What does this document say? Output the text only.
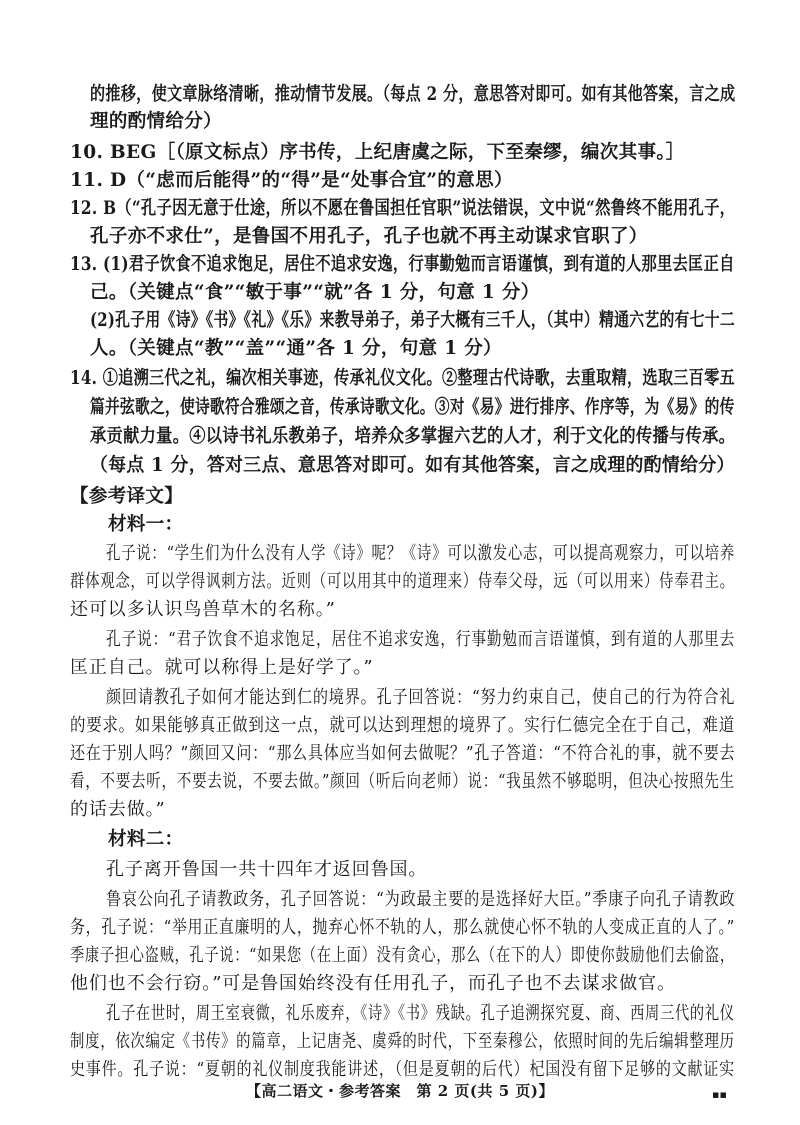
的推移，使文章脉络清晰，推动情节发展。（每点 2 分，意思答对即可。如有其他答案，言之成
理的酌情给分）
10. BEG［（原文标点）序书传，上纪唐虞之际，下至秦缪，编次其事。］
11. D（“虑而后能得”的“得”是“处事合宜”的意思）
12. B（“孔子因无意于仕途，所以不愿在鲁国担任官职”说法错误，文中说“然鲁终不能用孔子，
孔子亦不求仕”，是鲁国不用孔子，孔子也就不再主动谋求官职了）
13. (1)君子饮食不追求饱足，居住不追求安逸，行事勤勉而言语谨慎，到有道的人那里去匡正自
己。（关键点“食”“敏于事”“就”各 1 分，句意 1 分）
(2)孔子用《诗》《书》《礼》《乐》来教导弟子，弟子大概有三千人，（其中）精通六艺的有七十二
人。（关键点“教”“盖”“通”各 1 分，句意 1 分）
14. ①追溯三代之礼，编次相关事迹，传承礼仪文化。②整理古代诗歌，去重取精，选取三百零五
篇并弦歌之，使诗歌符合雅颂之音，传承诗歌文化。③对《易》进行排序、作序等，为《易》的传
承贡献力量。④以诗书礼乐教弟子，培养众多掌握六艺的人才，利于文化的传播与传承。
（每点 1 分，答对三点、意思答对即可。如有其他答案，言之成理的酌情给分）
【参考译文】
材料一：
孔子说：“学生们为什么没有人学《诗》呢？《诗》可以激发心志，可以提高观察力，可以培养
群体观念，可以学得讽刺方法。近则（可以用其中的道理来）侍奉父母，远（可以用来）侍奉君主。
还可以多认识鸟兽草木的名称。”
孔子说：“君子饮食不追求饱足，居住不追求安逸，行事勤勉而言语谨慎，到有道的人那里去
匡正自己。就可以称得上是好学了。”
颜回请教孔子如何才能达到仁的境界。孔子回答说：“努力约束自己，使自己的行为符合礼
的要求。如果能够真正做到这一点，就可以达到理想的境界了。实行仁德完全在于自己，难道
还在于别人吗？”颜回又问：“那么具体应当如何去做呢？”孔子答道：“不符合礼的事，就不要去
看，不要去听，不要去说，不要去做。”颜回（听后向老师）说：“我虽然不够聪明，但决心按照先生
的话去做。”
材料二：
孔子离开鲁国一共十四年才返回鲁国。
鲁哀公向孔子请教政务，孔子回答说：“为政最主要的是选择好大臣。”季康子向孔子请教政
务，孔子说：“举用正直廉明的人，抛弃心怀不轨的人，那么就使心怀不轨的人变成正直的人了。”
季康子担心盗贼，孔子说：“如果您（在上面）没有贪心，那么（在下的人）即使你鼓励他们去偷盗，
他们也不会行窃。”可是鲁国始终没有任用孔子，而孔子也不去谋求做官。
孔子在世时，周王室衰微，礼乐废弃，《诗》《书》残缺。孔子追溯探究夏、商、西周三代的礼仪
制度，依次编定《书传》的篇章，上记唐尧、虞舜的时代，下至秦穆公，依照时间的先后编辑整理历
史事件。孔子说：“夏朝的礼仪制度我能讲述，（但是夏朝的后代）杞国没有留下足够的文献证实
【高二语文・参考答案　第 2 页(共 5 页)】	▪▪
